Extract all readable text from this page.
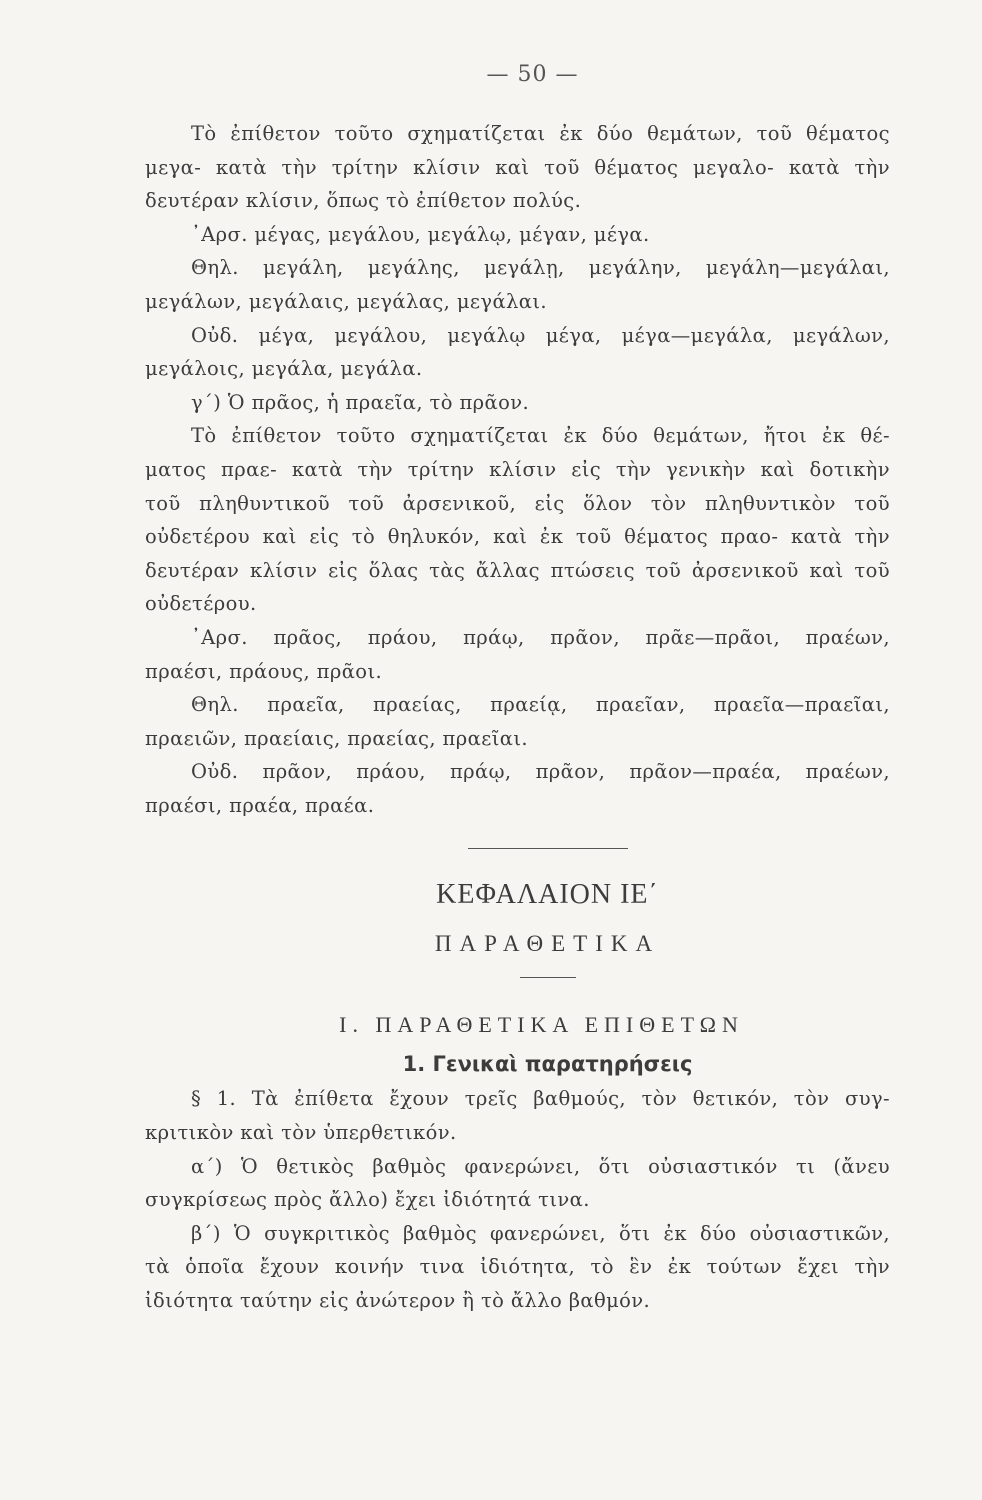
— 50 —
Τὸ ἐπίθετον τοῦτο σχηματίζεται ἐκ δύο θεμάτων, τοῦ θέματος
μεγα- κατὰ τὴν τρίτην κλίσιν καὶ τοῦ θέματος μεγαλο- κατὰ τὴν
δευτέραν κλίσιν, ὅπως τὸ ἐπίθετον πολύς.
᾿Αρσ. μέγας, μεγάλου, μεγάλῳ, μέγαν, μέγα.
Θηλ. μεγάλη, μεγάλης, μεγάλῃ, μεγάλην, μεγάλη—μεγάλαι,
μεγάλων, μεγάλαις, μεγάλας, μεγάλαι.
Οὐδ. μέγα, μεγάλου, μεγάλῳ μέγα, μέγα—μεγάλα, μεγάλων,
μεγάλοις, μεγάλα, μεγάλα.
γ΄) Ὁ πρᾶος, ἡ πραεῖα, τὸ πρᾶον.
Τὸ ἐπίθετον τοῦτο σχηματίζεται ἐκ δύο θεμάτων, ἤτοι ἐκ θέ-
ματος πραε- κατὰ τὴν τρίτην κλίσιν εἰς τὴν γενικὴν καὶ δοτικὴν
τοῦ πληθυντικοῦ τοῦ ἀρσενικοῦ, εἰς ὅλον τὸν πληθυντικὸν τοῦ
οὐδετέρου καὶ εἰς τὸ θηλυκόν, καὶ ἐκ τοῦ θέματος πραο- κατὰ τὴν
δευτέραν κλίσιν εἰς ὅλας τὰς ἄλλας πτώσεις τοῦ ἀρσενικοῦ καὶ τοῦ
οὐδετέρου.
᾿Αρσ. πρᾶος, πράου, πράῳ, πρᾶον, πρᾶε—πρᾶοι, πραέων,
πραέσι, πράους, πρᾶοι.
Θηλ. πραεῖα, πραείας, πραείᾳ, πραεῖαν, πραεῖα—πραεῖαι,
πραειῶν, πραείαις, πραείας, πραεῖαι.
Οὐδ. πρᾶον, πράου, πράῳ, πρᾶον, πρᾶον—πραέα, πραέων,
πραέσι, πραέα, πραέα.
ΚΕΦΑΛΑΙΟΝ ΙΕ΄
ΠΑΡΑΘΕΤΙΚΑ
Ι. ΠΑΡΑΘΕΤΙΚΑ ΕΠΙΘΕΤΩΝ
1. Γενικαὶ παρατηρήσεις
§ 1. Τὰ ἐπίθετα ἔχουν τρεῖς βαθμούς, τὸν θετικόν, τὸν συγ-
κριτικὸν καὶ τὸν ὑπερθετικόν.
α΄) Ὁ θετικὸς βαθμὸς φανερώνει, ὅτι οὐσιαστικόν τι (ἄνευ
συγκρίσεως πρὸς ἄλλο) ἔχει ἰδιότητά τινα.
β΄) Ὁ συγκριτικὸς βαθμὸς φανερώνει, ὅτι ἐκ δύο οὐσιαστικῶν,
τὰ ὁποῖα ἔχουν κοινήν τινα ἰδιότητα, τὸ ἓν ἐκ τούτων ἔχει τὴν
ἰδιότητα ταύτην εἰς ἀνώτερον ἢ τὸ ἄλλο βαθμόν.
